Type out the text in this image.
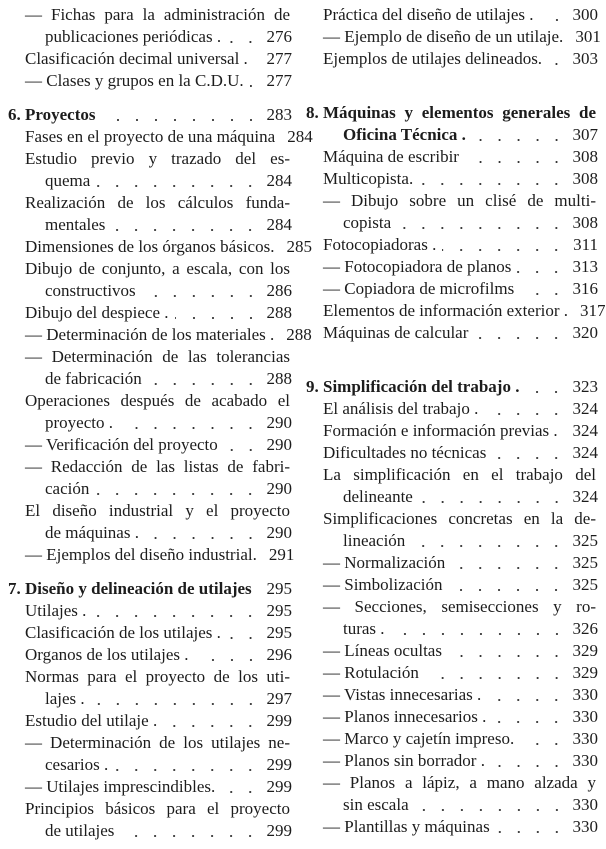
— Fichas para la administración de
publicaciones periódicas .	276
Clasificación decimal universal . 277
— Clases y grupos en la C.D.U. 277
6. Proyectos	283
Fases en el proyecto de una máquina 284
Estudio previo y trazado del es-
quema	284
Realización de los cálculos funda-
mentales	284
Dimensiones de los órganos básicos. 285
Dibujo de conjunto, a escala, con los
constructivos	286
Dibujo del despiece .	288
— Determinación de los materiales . 288
— Determinación de las tolerancias
de fabricación	288
Operaciones después de acabado el
proyecto .	290
— Verificación del proyecto	290
— Redacción de las listas de fabri-
cación	290
El diseño industrial y el proyecto
de máquinas .	290
— Ejemplos del diseño industrial. 291
7. Diseño y delineación de utilajes 295
Utilajes .	295
Clasificación de los utilajes .	295
Organos de los utilajes .	296
Normas para el proyecto de los uti-
lajes .	297
Estudio del utilaje .	299
— Determinación de los utilajes ne-
cesarios .	299
— Utilajes imprescindibles.	299
Principios básicos para el proyecto
de utilajes	299
Práctica del diseño de utilajes . 300
— Ejemplo de diseño de un utilaje. 301
Ejemplos de utilajes delineados. 303
8. Máquinas y elementos generales de
Oficina Técnica .	307
Máquina de escribir	308
Multicopista.	308
— Dibujo sobre un clisé de multi-
copista	308
Fotocopiadoras .	311
— Fotocopiadora de planos	313
— Copiadora de microfilms	316
Elementos de información exterior . 317
Máquinas de calcular	320
9. Simplificación del trabajo .	323
El análisis del trabajo .	324
Formación e información previas . 324
Dificultades no técnicas	324
La simplificación en el trabajo del
delineante	324
Simplificaciones concretas en la de-
lineación	325
— Normalización	325
— Simbolización	325
— Secciones, semisecciones y ro-
turas .	326
— Líneas ocultas	329
— Rotulación	329
— Vistas innecesarias .	330
— Planos innecesarios .	330
— Marco y cajetín impreso.	330
— Planos sin borrador .	330
— Planos a lápiz, a mano alzada y
sin escala	330
— Plantillas y máquinas	330
